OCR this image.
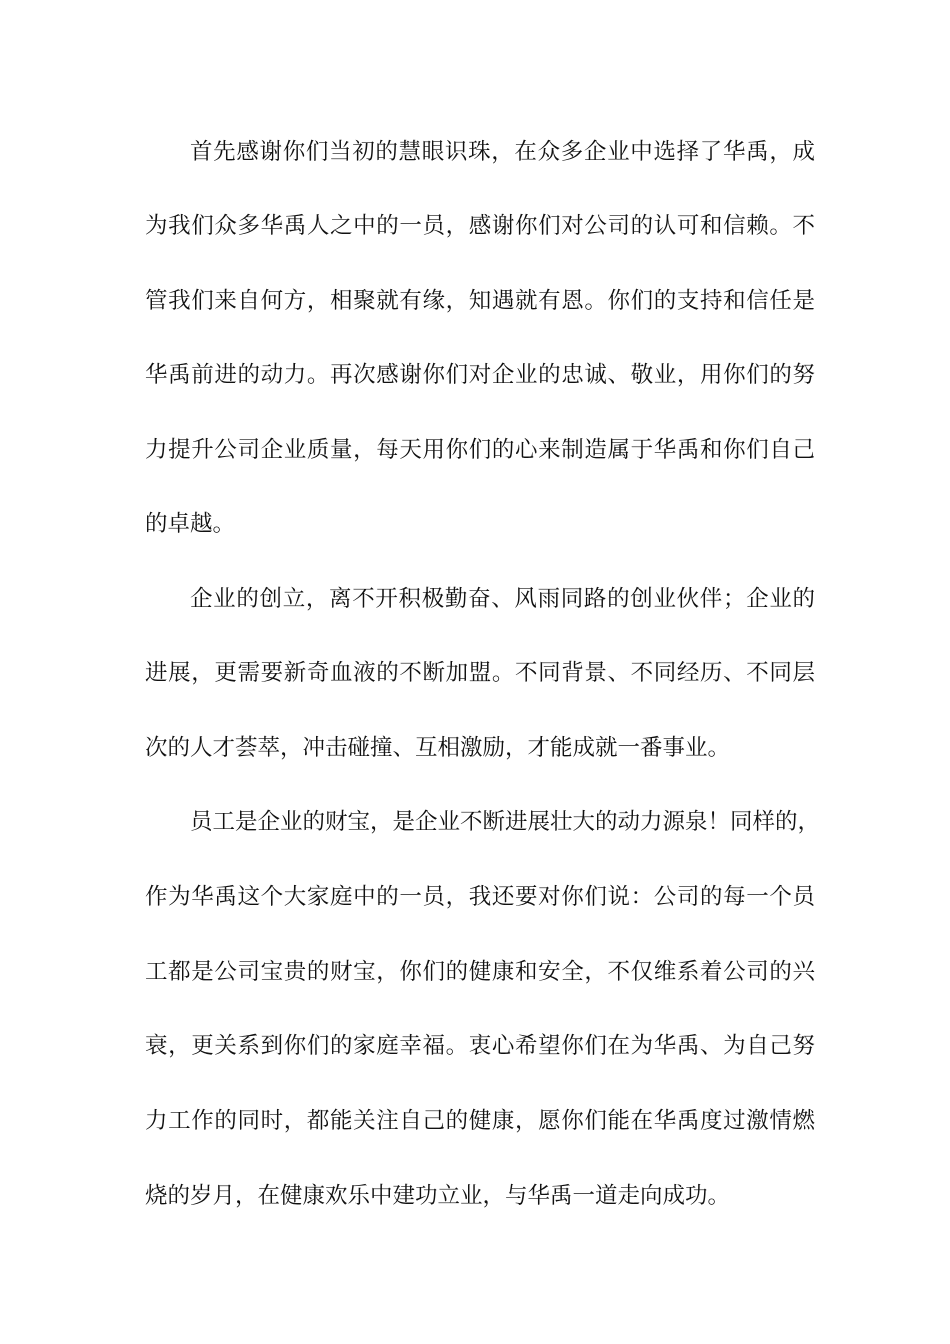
首先感谢你们当初的慧眼识珠，在众多企业中选择了华禹，成
为我们众多华禹人之中的一员，感谢你们对公司的认可和信赖。不
管我们来自何方，相聚就有缘，知遇就有恩。你们的支持和信任是
华禹前进的动力。再次感谢你们对企业的忠诚、敬业，用你们的努
力提升公司企业质量，每天用你们的心来制造属于华禹和你们自己
的卓越。
企业的创立，离不开积极勤奋、风雨同路的创业伙伴；企业的
进展，更需要新奇血液的不断加盟。不同背景、不同经历、不同层
次的人才荟萃，冲击碰撞、互相激励，才能成就一番事业。
员工是企业的财宝，是企业不断进展壮大的动力源泉！同样的，
作为华禹这个大家庭中的一员，我还要对你们说：公司的每一个员
工都是公司宝贵的财宝，你们的健康和安全，不仅维系着公司的兴
衰，更关系到你们的家庭幸福。衷心希望你们在为华禹、为自己努
力工作的同时，都能关注自己的健康，愿你们能在华禹度过激情燃
烧的岁月，在健康欢乐中建功立业，与华禹一道走向成功。
